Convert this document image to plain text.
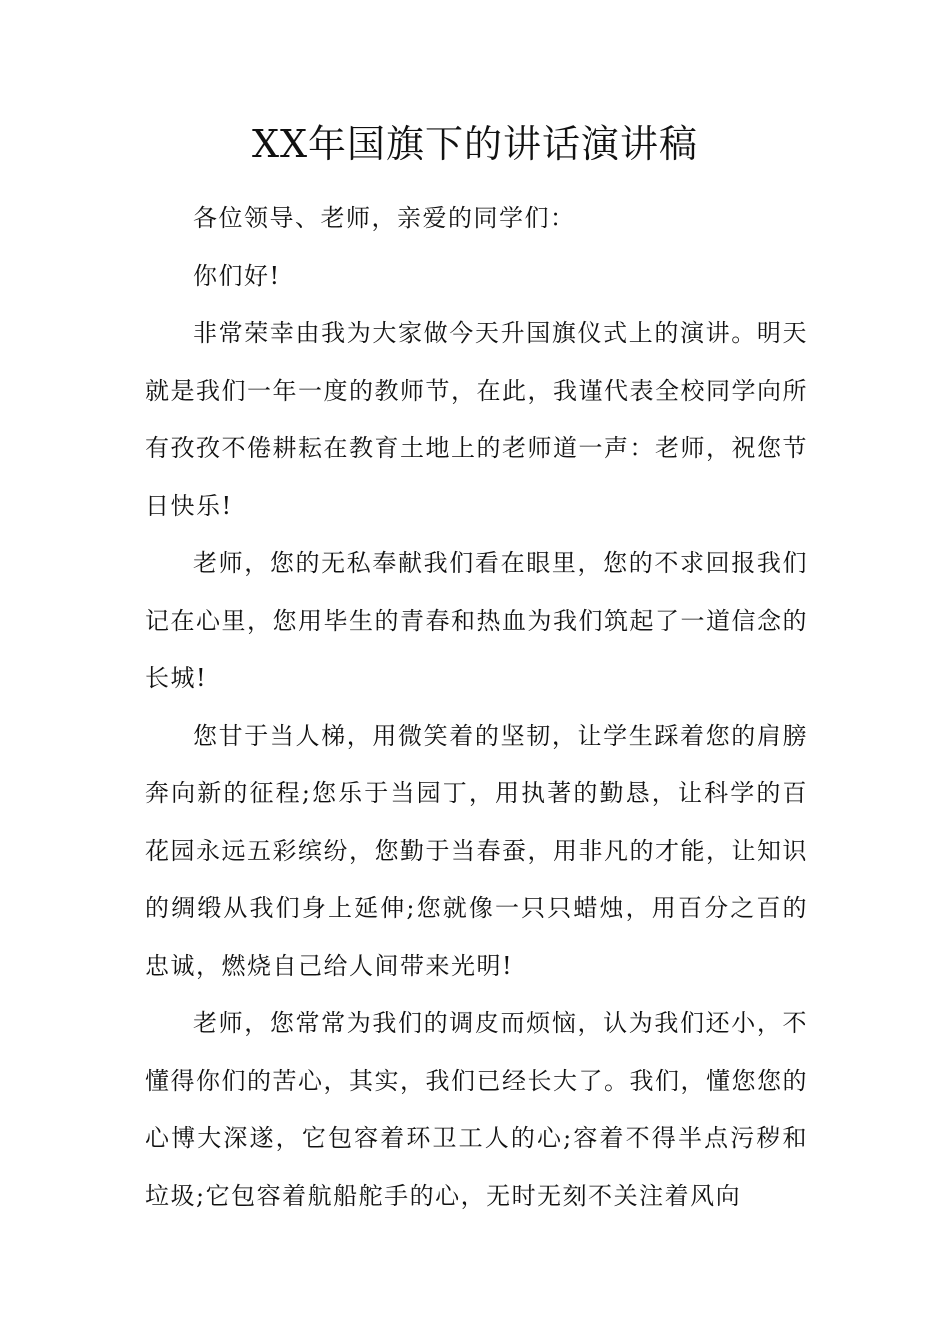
XX年国旗下的讲话演讲稿

各位领导、老师，亲爱的同学们：

你们好!

非常荣幸由我为大家做今天升国旗仪式上的演讲。明天就是我们一年一度的教师节，在此，我谨代表全校同学向所有孜孜不倦耕耘在教育土地上的老师道一声：老师，祝您节日快乐!

老师，您的无私奉献我们看在眼里，您的不求回报我们记在心里，您用毕生的青春和热血为我们筑起了一道信念的长城!

您甘于当人梯，用微笑着的坚韧，让学生踩着您的肩膀奔向新的征程;您乐于当园丁，用执著的勤恳，让科学的百花园永远五彩缤纷，您勤于当春蚕，用非凡的才能，让知识的绸缎从我们身上延伸;您就像一只只蜡烛，用百分之百的忠诚，燃烧自己给人间带来光明!

老师，您常常为我们的调皮而烦恼，认为我们还小，不懂得你们的苦心，其实，我们已经长大了。我们，懂您您的心博大深遂，它包容着环卫工人的心;容着不得半点污秽和垃圾;它包容着航船舵手的心，无时无刻不关注着风向
